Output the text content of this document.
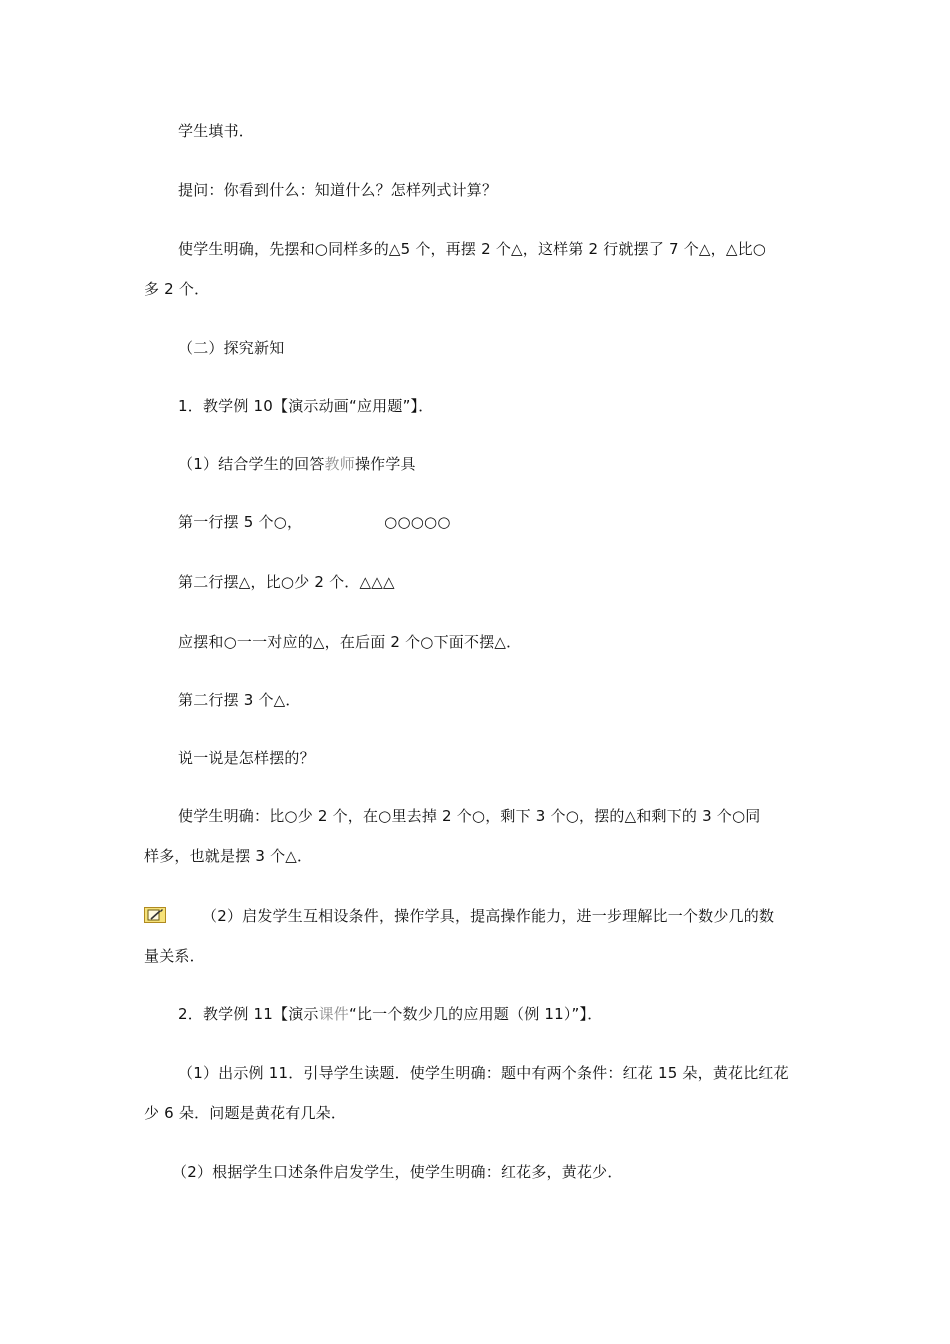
学生填书．
提问：你看到什么：知道什么？怎样列式计算？
使学生明确，先摆和○同样多的△5 个，再摆 2 个△，这样第 2 行就摆了 7 个△，△比○
多 2 个．
（二）探究新知
1．教学例 10【演示动画“应用题”】．
（1）结合学生的回答教师操作学具
第一行摆 5 个○，	○○○○○
第二行摆△，比○少 2 个．△△△
应摆和○一一对应的△，在后面 2 个○下面不摆△．
第二行摆 3 个△．
说一说是怎样摆的？
使学生明确：比○少 2 个，在○里去掉 2 个○，剩下 3 个○，摆的△和剩下的 3 个○同
样多，也就是摆 3 个△．
（2）启发学生互相设条件，操作学具，提高操作能力，进一步理解比一个数少几的数
量关系．
2．教学例 11【演示课件“比一个数少几的应用题（例 11）”】．
（1）出示例 11．引导学生读题．使学生明确：题中有两个条件：红花 15 朵，黄花比红花
少 6 朵．问题是黄花有几朵．
（2）根据学生口述条件启发学生，使学生明确：红花多，黄花少．
